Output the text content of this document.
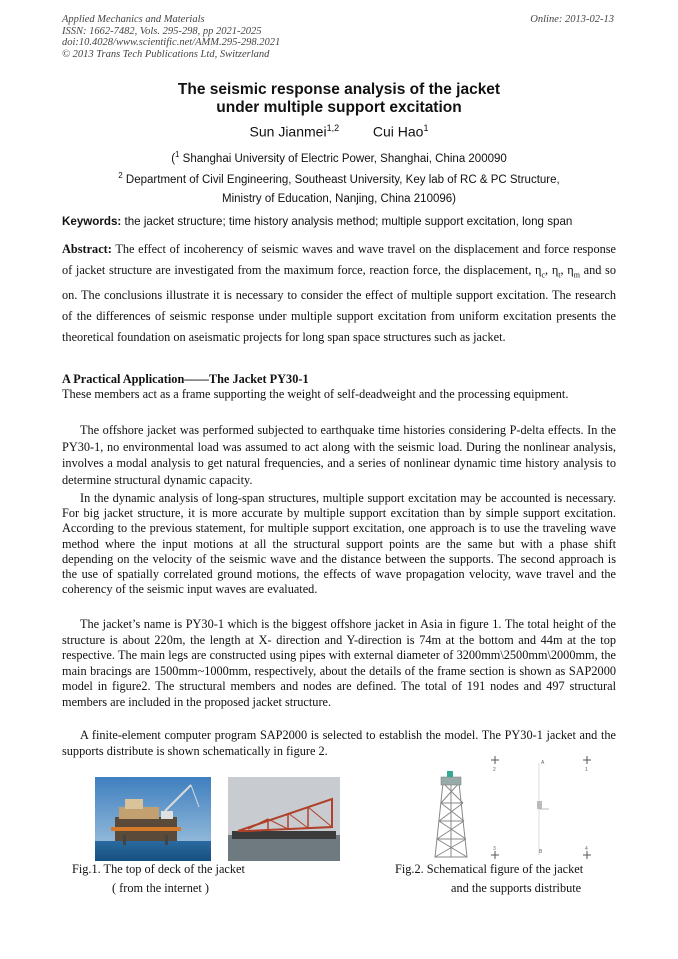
Applied Mechanics and Materials
ISSN: 1662-7482, Vols. 295-298, pp 2021-2025
doi:10.4028/www.scientific.net/AMM.295-298.2021
© 2013 Trans Tech Publications Ltd, Switzerland
Online: 2013-02-13
The seismic response analysis of the jacket
under multiple support excitation
Sun Jianmei$^{1,2}$ Cui Hao$^1$
($^1$ Shanghai University of Electric Power, Shanghai, China 200090
$^2$ Department of Civil Engineering, Southeast University, Key lab of RC & PC Structure,
Ministry of Education, Nanjing, China 210096)
Keywords: the jacket structure; time history analysis method; multiple support excitation, long span
Abstract: The effect of incoherency of seismic waves and wave travel on the displacement and force response of jacket structure are investigated from the maximum force, reaction force, the displacement, $\eta_c$, $\eta_t$, $\eta_m$ and so on. The conclusions illustrate it is necessary to consider the effect of multiple support excitation. The research of the differences of seismic response under multiple support excitation from uniform excitation presents the theoretical foundation on aseismatic projects for long span space structures such as jacket.
A Practical Application——The Jacket PY30-1
These members act as a frame supporting the weight of self-deadweight and the processing equipment.
The offshore jacket was performed subjected to earthquake time histories considering P-delta effects. In the PY30-1, no environmental load was assumed to act along with the seismic load. During the nonlinear analysis, involves a modal analysis to get natural frequencies, and a series of nonlinear dynamic time history analysis to determine structural dynamic capacity.
In the dynamic analysis of long-span structures, multiple support excitation may be accounted is necessary. For big jacket structure, it is more accurate by multiple support excitation than by simple support excitation. According to the previous statement, for multiple support excitation, one approach is to use the traveling wave method where the input motions at all the structural support points are the same but with a phase shift depending on the velocity of the seismic wave and the distance between the supports. The second approach is the use of spatially correlated ground motions, the effects of wave propagation velocity, wave travel and the coherency of the seismic input waves are evaluated.
The jacket’s name is PY30-1 which is the biggest offshore jacket in Asia in figure 1. The total height of the structure is about 220m, the length at X- direction and Y-direction is 74m at the bottom and 44m at the top respective. The main legs are constructed using pipes with external diameter of 3200mm\2500mm\2000mm, the main bracings are 1500mm~1000mm, respectively, about the details of the frame section is shown as SAP2000 model in figure2. The structural members and nodes are defined. The total of 191 nodes and 497 structural members are included in the proposed jacket structure.
A finite-element computer program SAP2000 is selected to establish the model. The PY30-1 jacket and the supports distribute is shown schematically in figure 2.
2	1
3	4
A
B
Fig.1. The top of deck of the jacket
( from the internet )
Fig.2. Schematical figure of the jacket
and the supports distribute
